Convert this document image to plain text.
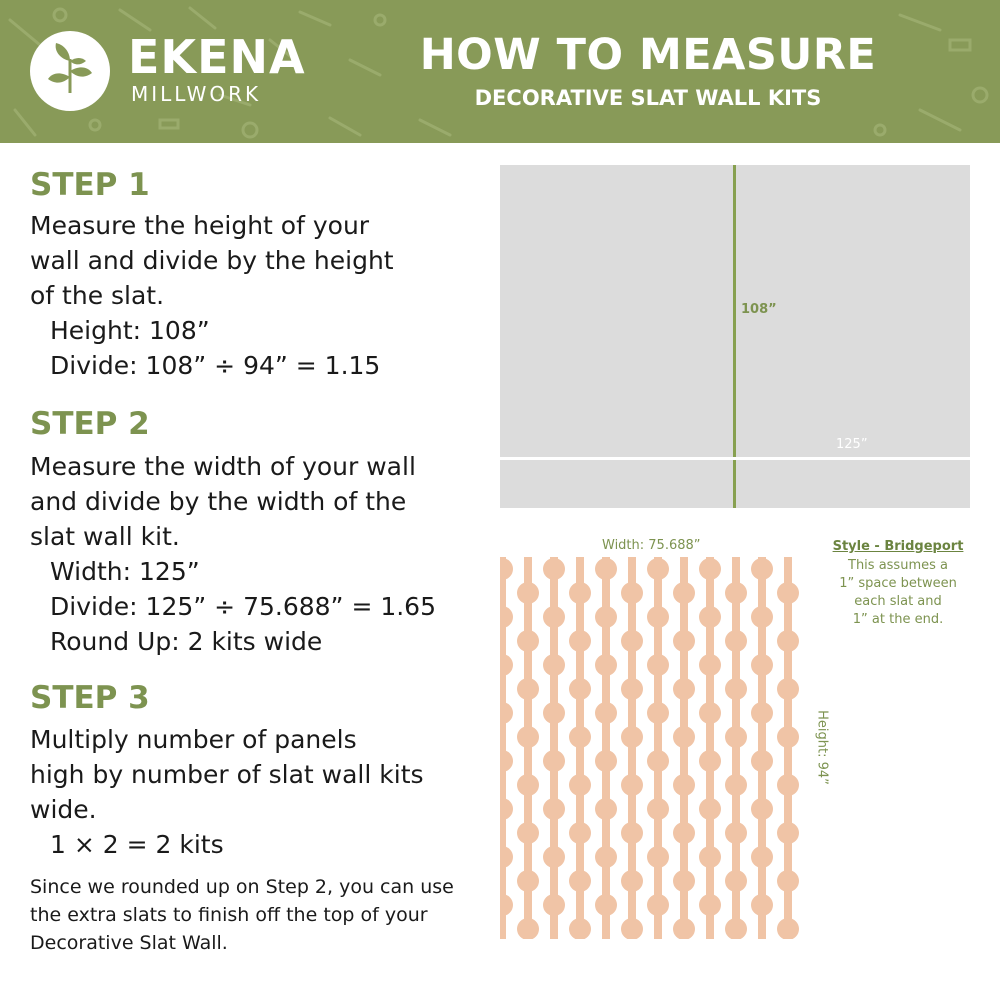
EKENA
MILLWORK
HOW TO MEASURE
DECORATIVE SLAT WALL KITS
STEP 1
Measure the height of your
wall and divide by the height
of the slat.
Height: 108”
Divide: 108” ÷ 94” = 1.15
STEP 2
Measure the width of your wall
and divide by the width of the
slat wall kit.
Width: 125”
Divide: 125” ÷ 75.688” = 1.65
Round Up: 2 kits wide
STEP 3
Multiply number of panels
high by number of slat wall kits
wide.
1 × 2 = 2 kits
Since we rounded up on Step 2, you can use the extra slats to finish off the top of your Decorative Slat Wall.
108”
125”
Width: 75.688”
Height: 94”
Style - Bridgeport
This assumes a
1” space between
each slat and
1” at the end.
